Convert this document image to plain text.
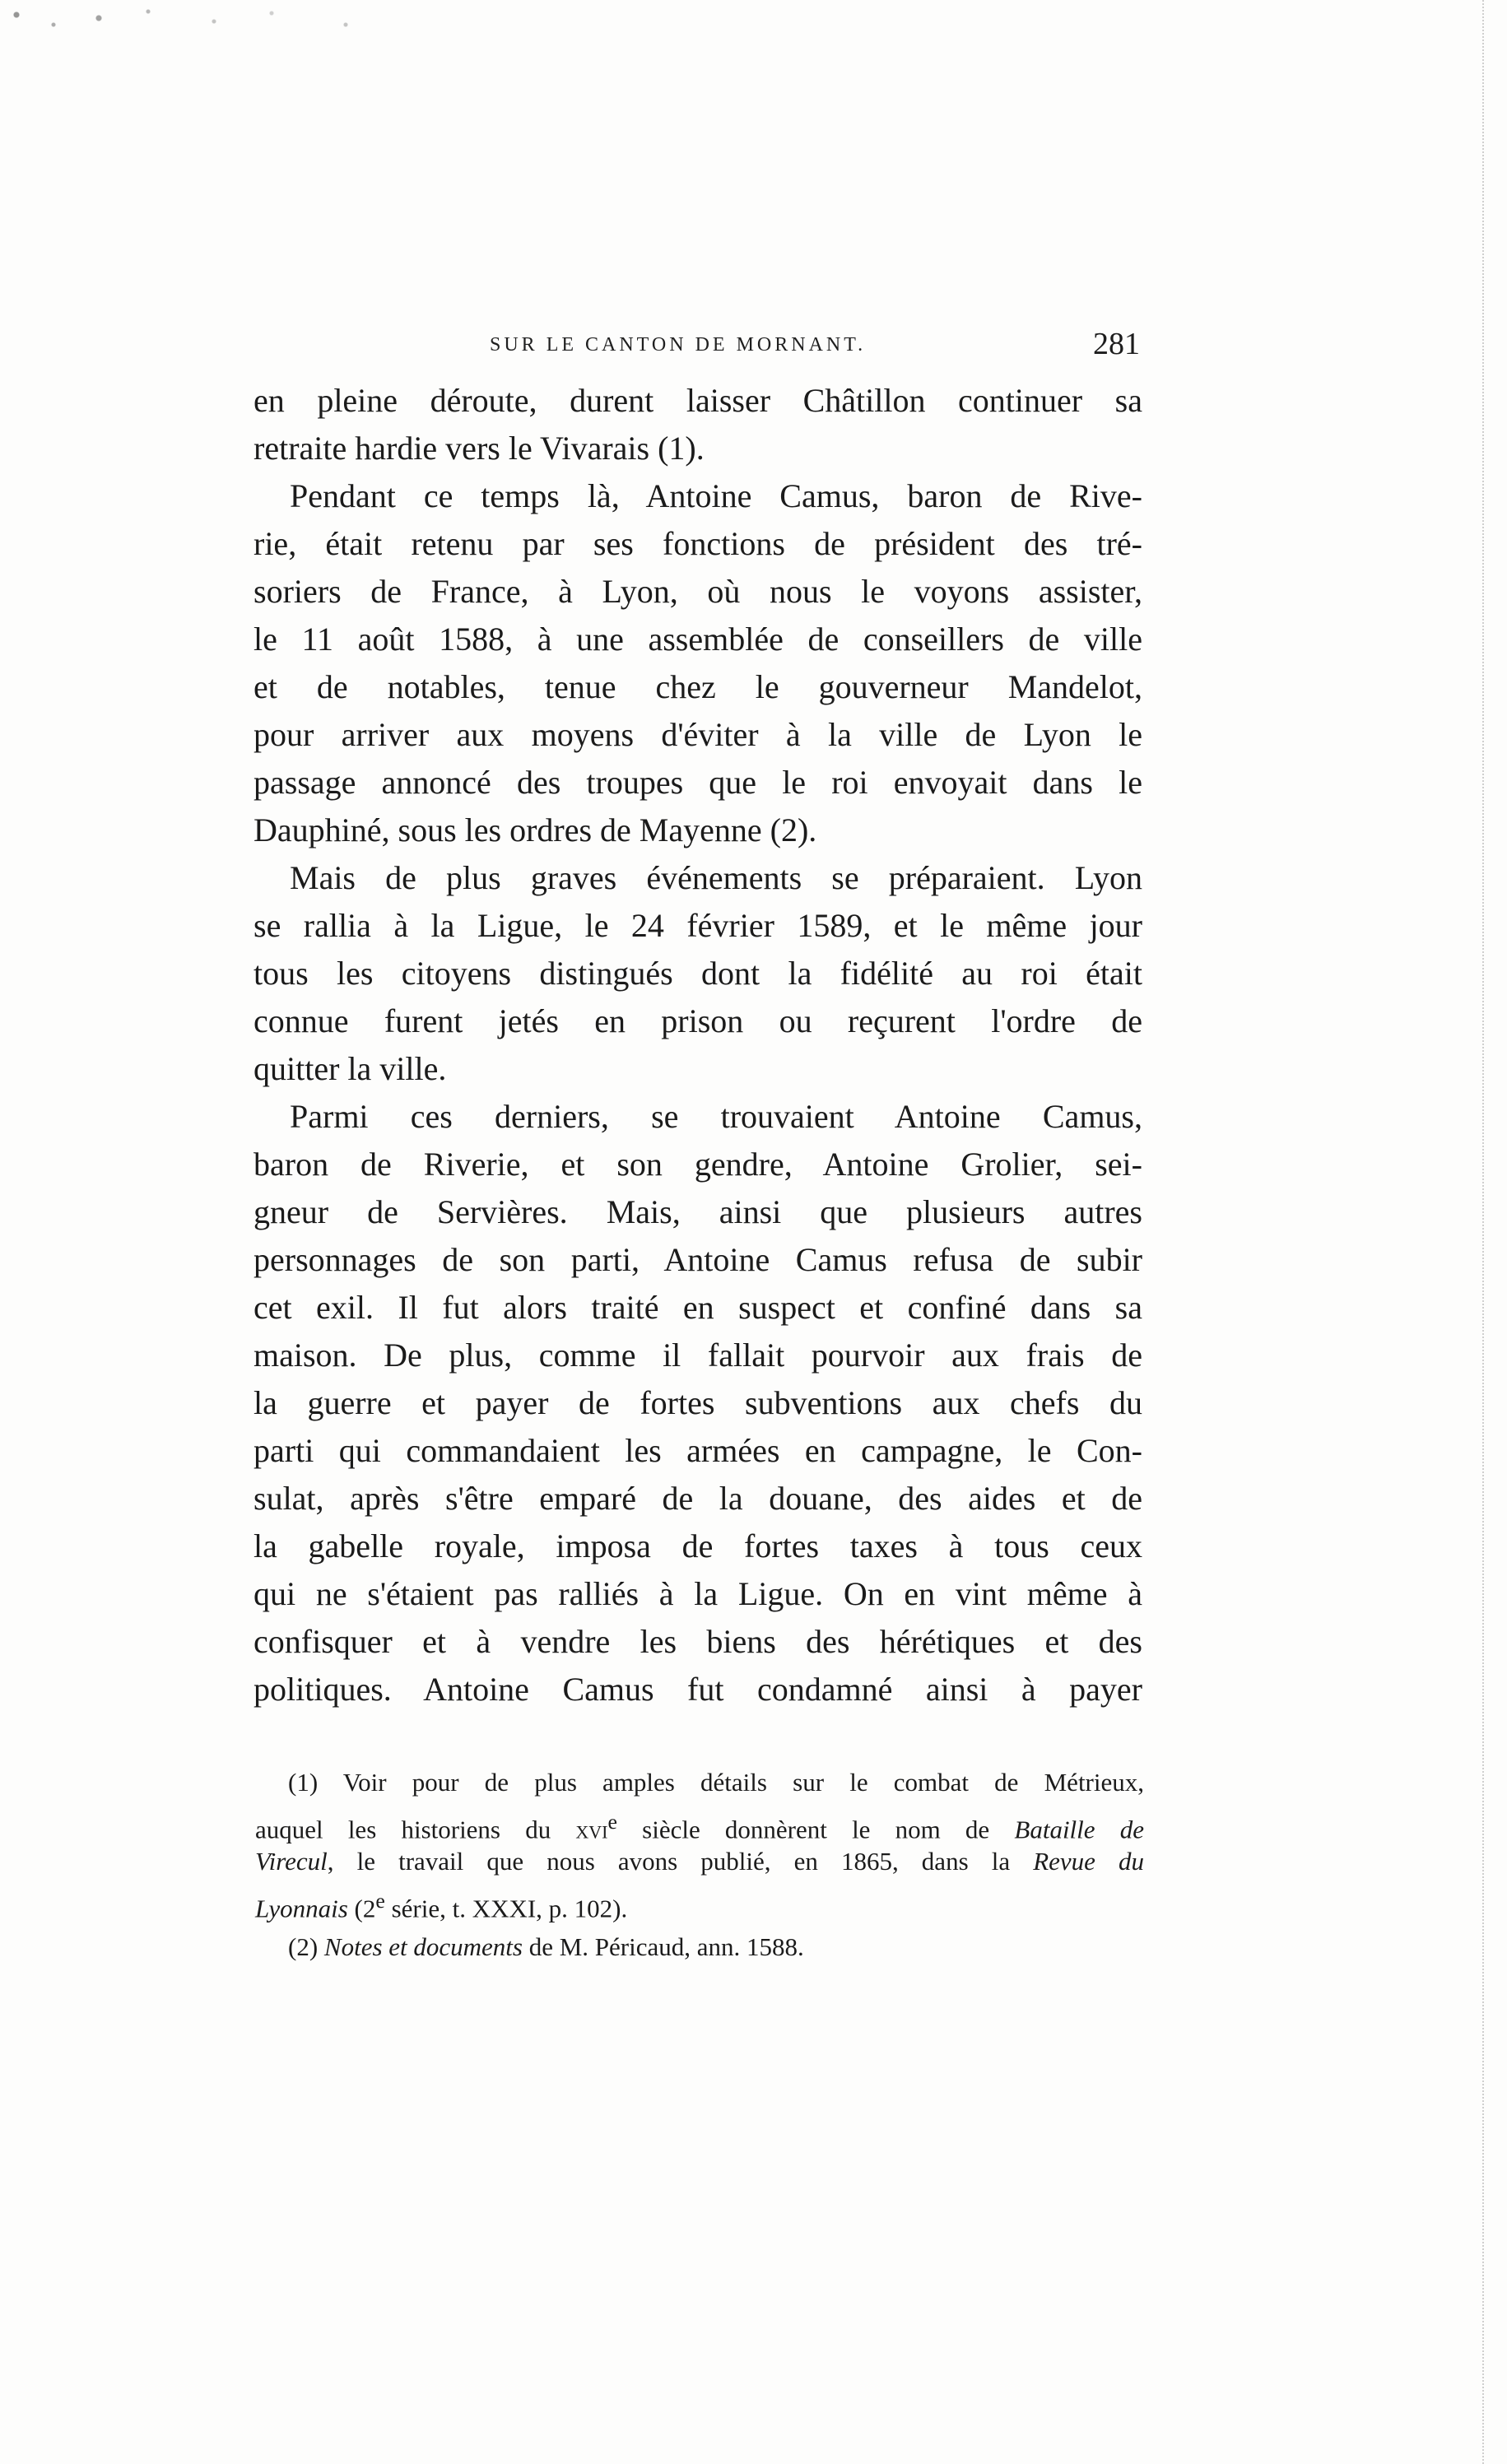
SUR LE CANTON DE MORNANT.	281
en pleine déroute, durent laisser Châtillon continuer sa
retraite hardie vers le Vivarais (1).
Pendant ce temps là, Antoine Camus, baron de Rive-
rie, était retenu par ses fonctions de président des tré-
soriers de France, à Lyon, où nous le voyons assister,
le 11 août 1588, à une assemblée de conseillers de ville
et de notables, tenue chez le gouverneur Mandelot,
pour arriver aux moyens d'éviter à la ville de Lyon le
passage annoncé des troupes que le roi envoyait dans le
Dauphiné, sous les ordres de Mayenne (2).
Mais de plus graves événements se préparaient. Lyon
se rallia à la Ligue, le 24 février 1589, et le même jour
tous les citoyens distingués dont la fidélité au roi était
connue furent jetés en prison ou reçurent l'ordre de
quitter la ville.
Parmi ces derniers, se trouvaient Antoine Camus,
baron de Riverie, et son gendre, Antoine Grolier, sei-
gneur de Servières. Mais, ainsi que plusieurs autres
personnages de son parti, Antoine Camus refusa de subir
cet exil. Il fut alors traité en suspect et confiné dans sa
maison. De plus, comme il fallait pourvoir aux frais de
la guerre et payer de fortes subventions aux chefs du
parti qui commandaient les armées en campagne, le Con-
sulat, après s'être emparé de la douane, des aides et de
la gabelle royale, imposa de fortes taxes à tous ceux
qui ne s'étaient pas ralliés à la Ligue. On en vint même à
confisquer et à vendre les biens des hérétiques et des
politiques. Antoine Camus fut condamné ainsi à payer
(1) Voir pour de plus amples détails sur le combat de Métrieux,
auquel les historiens du xvi$^e$ siècle donnèrent le nom de Bataille de
Virecul, le travail que nous avons publié, en 1865, dans la Revue du
Lyonnais (2e série, t. XXXI, p. 102).
(2) Notes et documents de M. Péricaud, ann. 1588.
